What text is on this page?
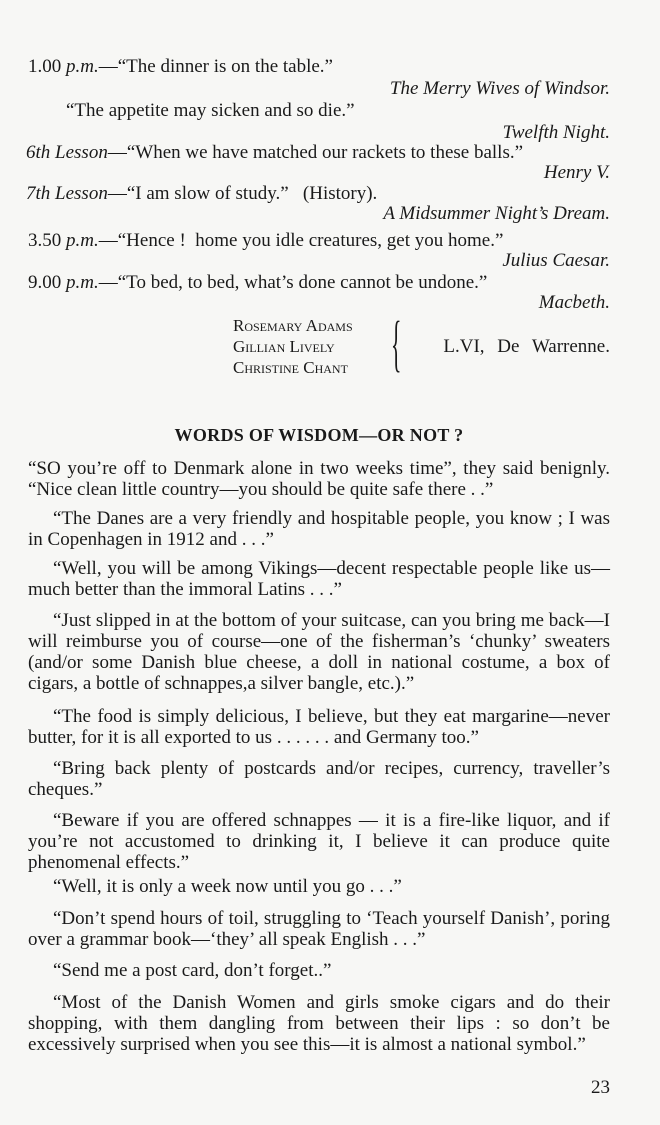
1.00 p.m.—“The dinner is on the table.”
The Merry Wives of Windsor.
“The appetite may sicken and so die.”
Twelfth Night.
6th Lesson—“When we have matched our rackets to these balls.”
Henry V.
7th Lesson—“I am slow of study.”   (History).
A Midsummer Night’s Dream.
3.50 p.m.—“Hence !  home you idle creatures, get you home.”
Julius Caesar.
9.00 p.m.—“To bed, to bed, what’s done cannot be undone.”
Macbeth.
Rosemary Adams
Gillian Lively
Christine Chant { L.VI, De Warrenne.
WORDS OF WISDOM—OR NOT ?

“SO you’re off to Denmark alone in two weeks time”, they said benignly. “Nice clean little country—you should be quite safe there . .”

“The Danes are a very friendly and hospitable people, you know ; I was in Copenhagen in 1912 and . . .”

“Well, you will be among Vikings—decent respectable people like us—much better than the immoral Latins . . .”

“Just slipped in at the bottom of your suitcase, can you bring me back—I will reimburse you of course—one of the fisherman’s ‘chunky’ sweaters (and/or some Danish blue cheese, a doll in national costume, a box of cigars, a bottle of schnappes,a silver bangle, etc.).”

“The food is simply delicious, I believe, but they eat margarine—never butter, for it is all exported to us . . . . . . and Germany too.”

“Bring back plenty of postcards and/or recipes, currency, traveller’s cheques.”

“Beware if you are offered schnappes — it is a fire-like liquor, and if you’re not accustomed to drinking it, I believe it can produce quite phenomenal effects.”

“Well, it is only a week now until you go . . .”

“Don’t spend hours of toil, struggling to ‘Teach yourself Danish’, poring over a grammar book—‘they’ all speak English . . .”

“Send me a post card, don’t forget..”

“Most of the Danish Women and girls smoke cigars and do their shopping, with them dangling from between their lips : so don’t be excessively surprised when you see this—it is almost a national symbol.”

23
